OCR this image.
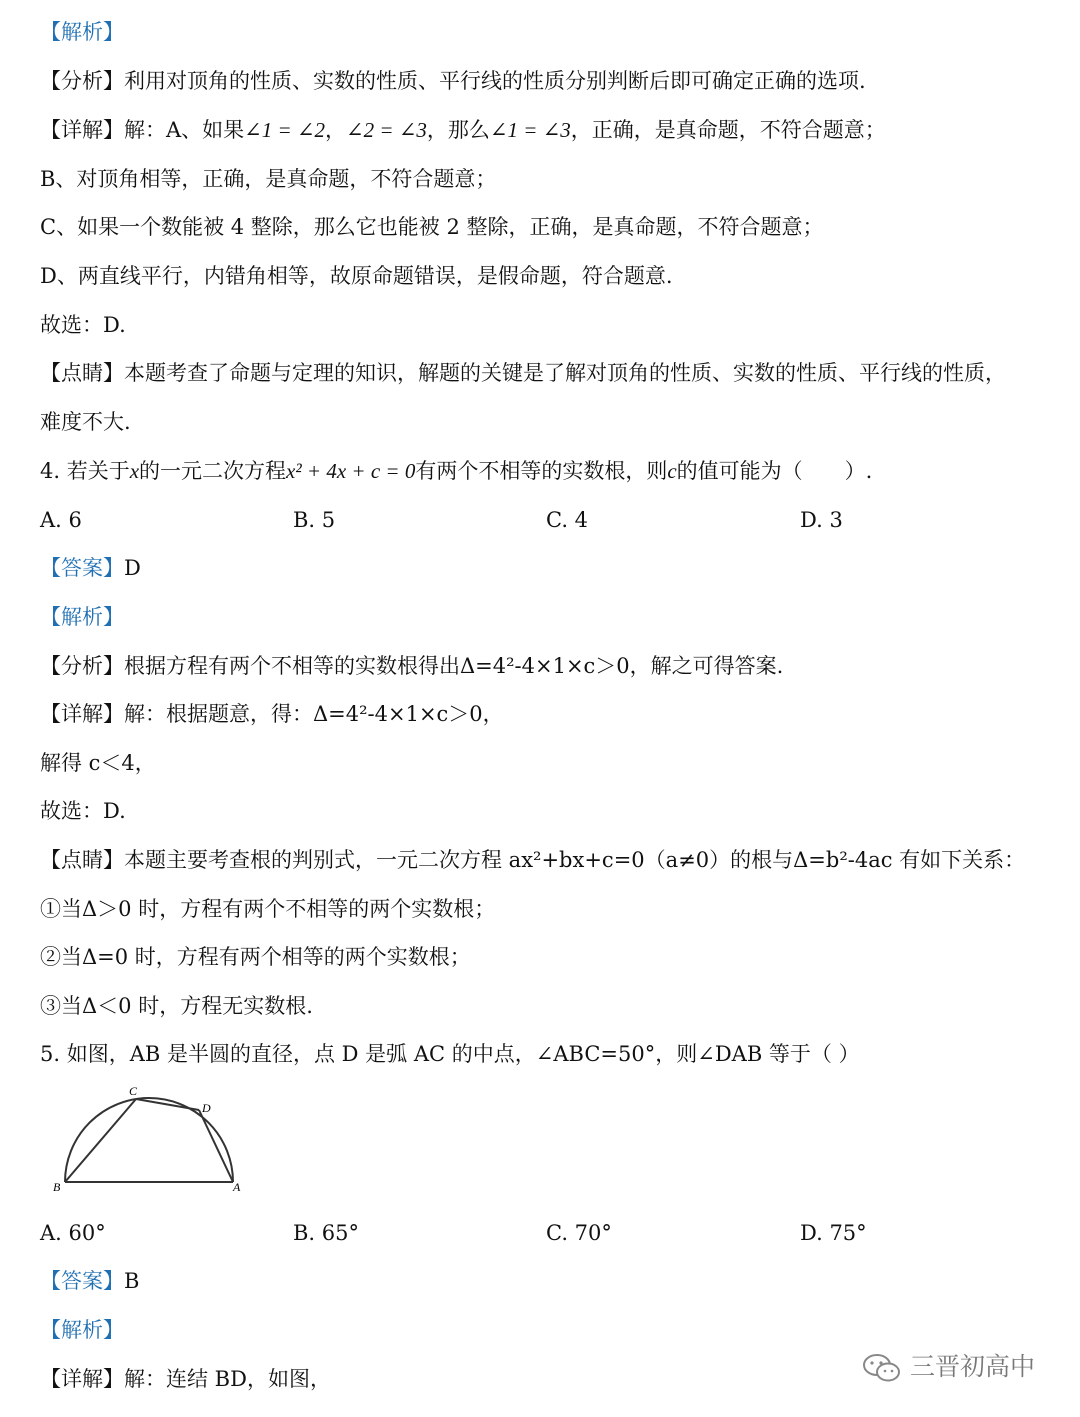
【解析】
【分析】利用对顶角的性质、实数的性质、平行线的性质分别判断后即可确定正确的选项.
【详解】解：A、如果∠1 = ∠2，∠2 = ∠3，那么∠1 = ∠3，正确，是真命题，不符合题意；
B、对顶角相等，正确，是真命题，不符合题意；
C、如果一个数能被 4 整除，那么它也能被 2 整除，正确，是真命题，不符合题意；
D、两直线平行，内错角相等，故原命题错误，是假命题，符合题意.
故选：D.
【点睛】本题考查了命题与定理的知识，解题的关键是了解对顶角的性质、实数的性质、平行线的性质，
难度不大.
4. 若关于x的一元二次方程x² + 4x + c = 0有两个不相等的实数根，则c的值可能为（　　）.
A. 6	B. 5	C. 4	D. 3
【答案】D
【解析】
【分析】根据方程有两个不相等的实数根得出Δ=4²-4×1×c＞0，解之可得答案.
【详解】解：根据题意，得：Δ=4²-4×1×c＞0，
解得 c＜4，
故选：D.
【点睛】本题主要考查根的判别式，一元二次方程 ax²+bx+c=0（a≠0）的根与Δ=b²-4ac 有如下关系：
①当Δ＞0 时，方程有两个不相等的两个实数根；
②当Δ=0 时，方程有两个相等的两个实数根；
③当Δ＜0 时，方程无实数根.
5. 如图，AB 是半圆的直径，点 D 是弧 AC 的中点，∠ABC=50°，则∠DAB 等于（ ）
B	A
C
D
A. 60°	B. 65°	C. 70°	D. 75°
【答案】B
【解析】
【详解】解：连结 BD，如图，	三晋初高中
